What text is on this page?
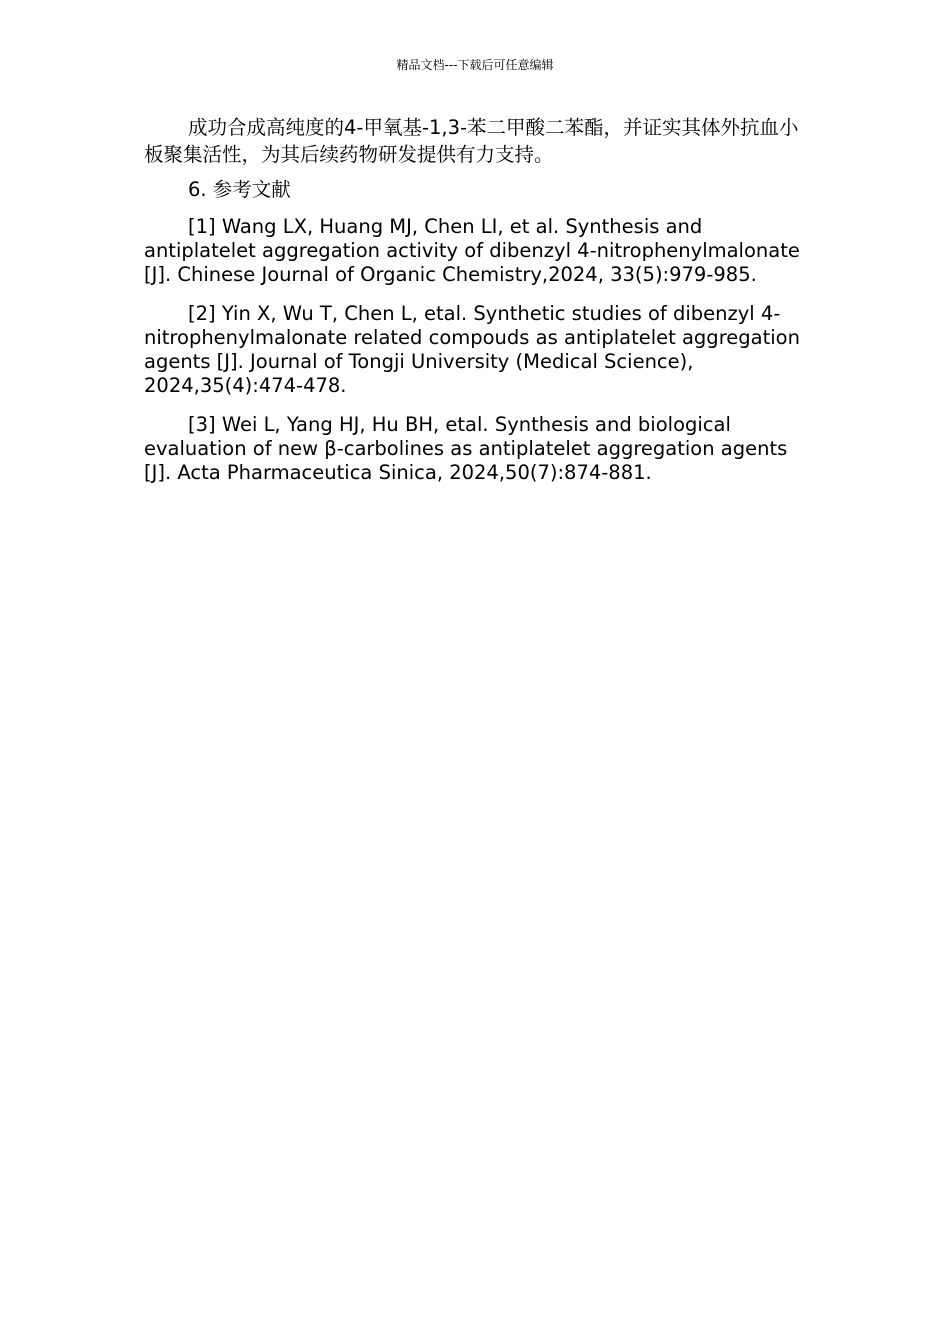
精品文档---下载后可任意编辑

成功合成高纯度的4-甲氧基-1,3-苯二甲酸二苯酯，并证实其体外抗血小板聚集活性，为其后续药物研发提供有力支持。

6. 参考文献

[1] Wang LX, Huang MJ, Chen LI, et al. Synthesis and antiplatelet aggregation activity of dibenzyl 4-nitrophenylmalonate [J]. Chinese Journal of Organic Chemistry,2024, 33(5):979-985.

[2] Yin X, Wu T, Chen L, etal. Synthetic studies of dibenzyl 4-nitrophenylmalonate related compouds as antiplatelet aggregation agents [J]. Journal of Tongji University (Medical Science), 2024,35(4):474-478.

[3] Wei L, Yang HJ, Hu BH, etal. Synthesis and biological evaluation of new β-carbolines as antiplatelet aggregation agents [J]. Acta Pharmaceutica Sinica, 2024,50(7):874-881.
